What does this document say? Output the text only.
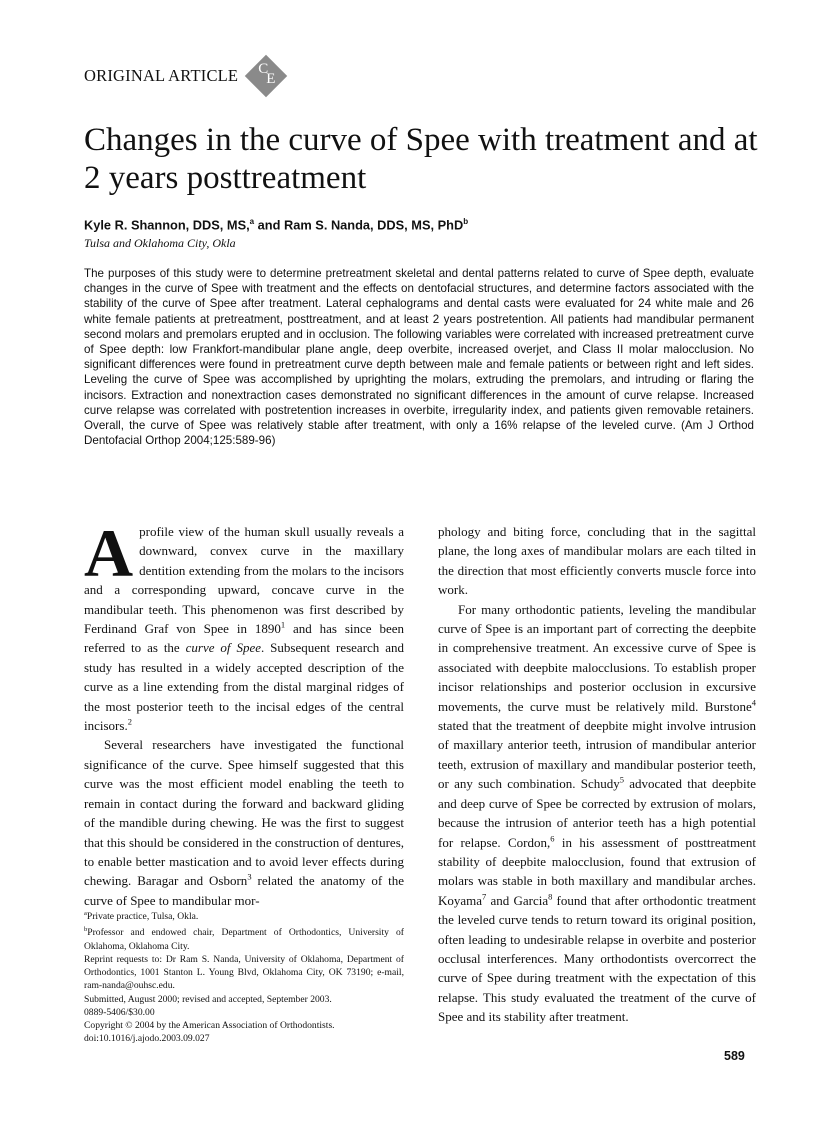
ORIGINAL ARTICLE C
E
Changes in the curve of Spee with treatment and at 2 years posttreatment
Kyle R. Shannon, DDS, MS,$^a$ and Ram S. Nanda, DDS, MS, PhD$^b$
Tulsa and Oklahoma City, Okla

The purposes of this study were to determine pretreatment skeletal and dental patterns related to curve of Spee depth, evaluate changes in the curve of Spee with treatment and the effects on dentofacial structures, and determine factors associated with the stability of the curve of Spee after treatment. Lateral cephalograms and dental casts were evaluated for 24 white male and 26 white female patients at pretreatment, posttreatment, and at least 2 years postretention. All patients had mandibular permanent second molars and premolars erupted and in occlusion. The following variables were correlated with increased pretreatment curve of Spee depth: low Frankfort-mandibular plane angle, deep overbite, increased overjet, and Class II molar malocclusion. No significant differences were found in pretreatment curve depth between male and female patients or between right and left sides. Leveling the curve of Spee was accomplished by uprighting the molars, extruding the premolars, and intruding or flaring the incisors. Extraction and nonextraction cases demonstrated no significant differences in the amount of curve relapse. Increased curve relapse was correlated with postretention increases in overbite, irregularity index, and patients given removable retainers. Overall, the curve of Spee was relatively stable after treatment, with only a 16% relapse of the leveled curve. (Am J Orthod Dentofacial Orthop 2004;125:589-96)

A profile view of the human skull usually reveals a downward, convex curve in the maxillary dentition extending from the molars to the incisors and a corresponding upward, concave curve in the mandibular teeth. This phenomenon was first described by Ferdinand Graf von Spee in 1890$^1$ and has since been referred to as the curve of Spee. Subsequent research and study has resulted in a widely accepted description of the curve as a line extending from the distal marginal ridges of the most posterior teeth to the incisal edges of the central incisors.$^2$

Several researchers have investigated the functional significance of the curve. Spee himself suggested that this curve was the most efficient model enabling the teeth to remain in contact during the forward and backward gliding of the mandible during chewing. He was the first to suggest that this should be considered in the construction of dentures, to enable better mastication and to avoid lever effects during chewing. Baragar and Osborn$^3$ related the anatomy of the curve of Spee to mandibular mor-

$^a$Private practice, Tulsa, Okla.
$^b$Professor and endowed chair, Department of Orthodontics, University of Oklahoma, Oklahoma City.
Reprint requests to: Dr Ram S. Nanda, University of Oklahoma, Department of Orthodontics, 1001 Stanton L. Young Blvd, Oklahoma City, OK 73190; e-mail, ram-nanda@ouhsc.edu.
Submitted, August 2000; revised and accepted, September 2003.
0889-5406/$30.00
Copyright © 2004 by the American Association of Orthodontists.
doi:10.1016/j.ajodo.2003.09.027

phology and biting force, concluding that in the sagittal plane, the long axes of mandibular molars are each tilted in the direction that most efficiently converts muscle force into work.

For many orthodontic patients, leveling the mandibular curve of Spee is an important part of correcting the deepbite in comprehensive treatment. An excessive curve of Spee is associated with deepbite malocclusions. To establish proper incisor relationships and posterior occlusion in excursive movements, the curve must be relatively mild. Burstone$^4$ stated that the treatment of deepbite might involve intrusion of maxillary anterior teeth, intrusion of mandibular anterior teeth, extrusion of maxillary and mandibular posterior teeth, or any such combination. Schudy$^5$ advocated that deepbite and deep curve of Spee be corrected by extrusion of molars, because the intrusion of anterior teeth has a high potential for relapse. Cordon,$^6$ in his assessment of posttreatment stability of deepbite malocclusion, found that extrusion of molars was stable in both maxillary and mandibular arches. Koyama$^7$ and Garcia$^8$ found that after orthodontic treatment the leveled curve tends to return toward its original position, often leading to undesirable relapse in overbite and posterior occlusal interferences. Many orthodontists overcorrect the curve of Spee during treatment with the expectation of this relapse. This study evaluated the treatment of the curve of Spee and its stability after treatment.

589
